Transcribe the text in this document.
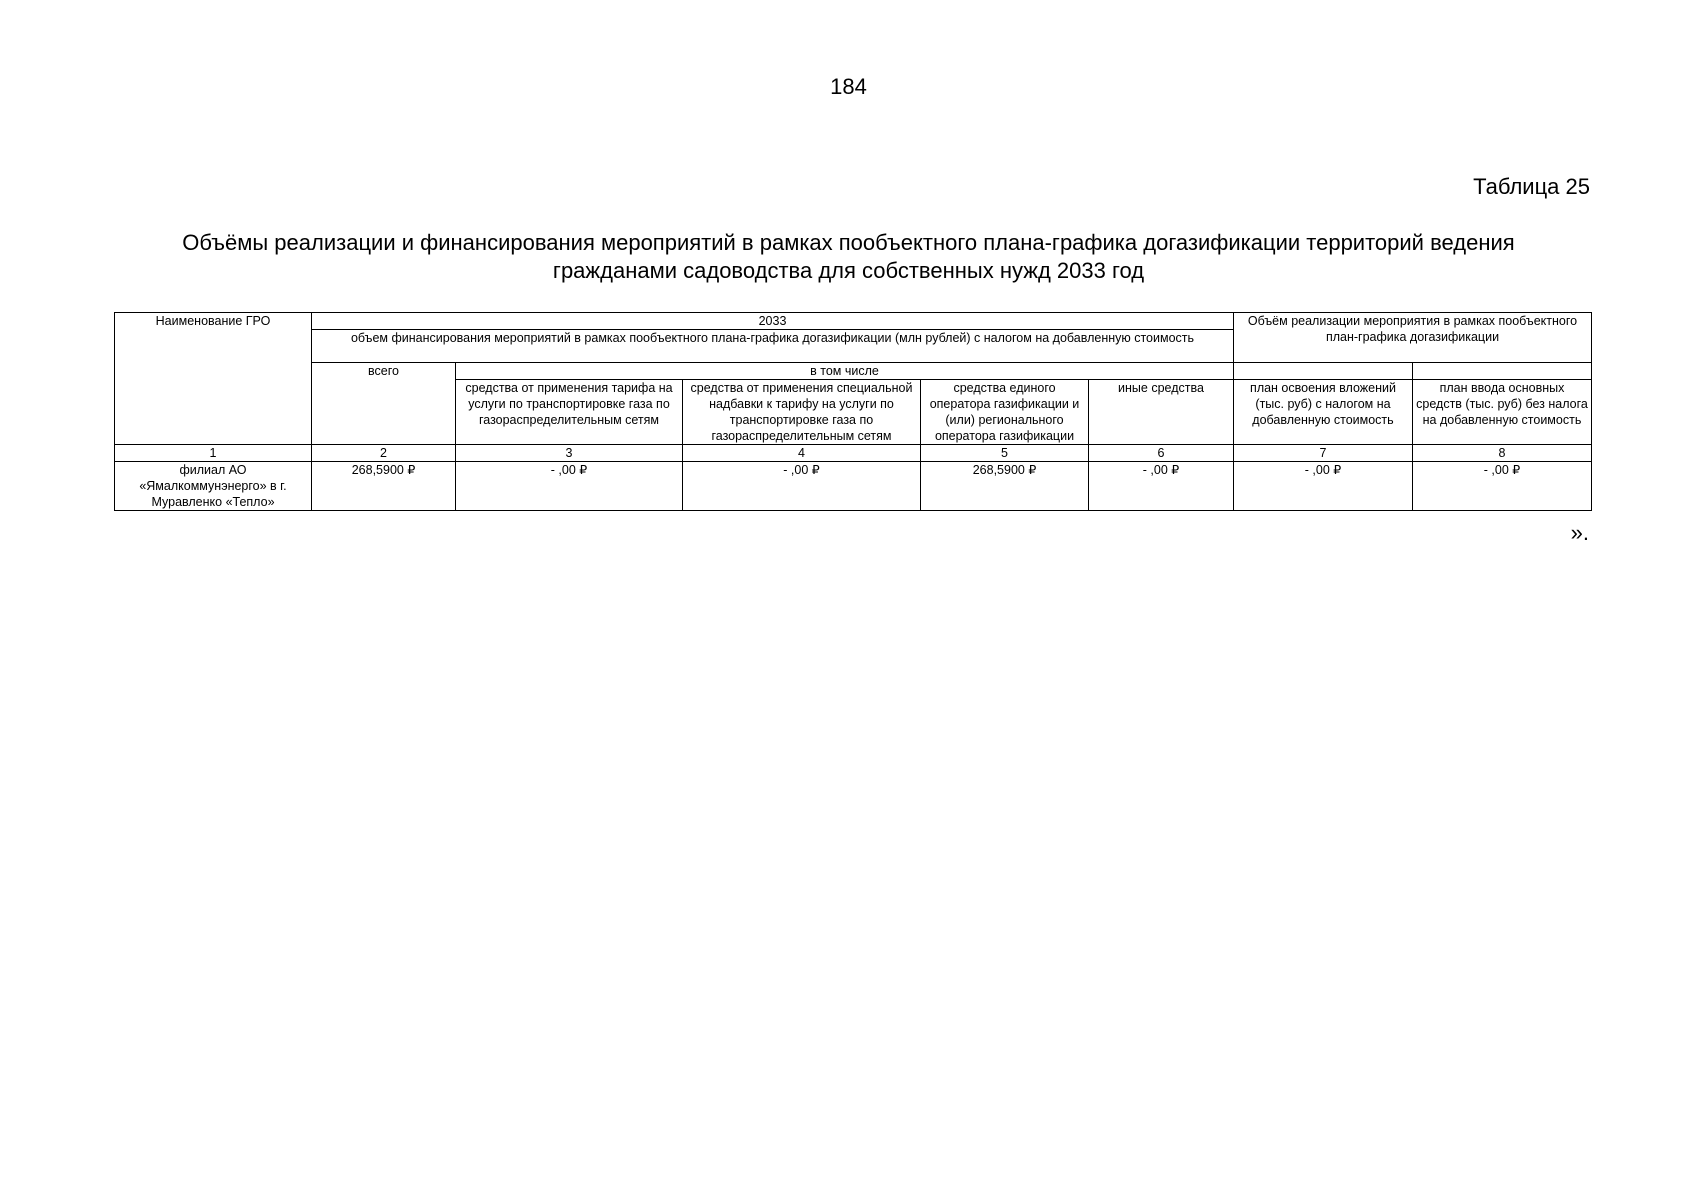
184
Таблица 25
Объёмы реализации и финансирования мероприятий в рамках пообъектного плана-графика догазификации территорий ведения гражданами садоводства для собственных нужд 2033 год
Наименование ГРО	2033					Объём реализации мероприятия в рамках пообъектного план-графика догазификации	
	объем финансирования мероприятий в рамках пообъектного плана-графика догазификации (млн рублей) с налогом на добавленную стоимость						
	всего	в том числе					
		средства от применения тарифа на услуги по транспортировке газа по газораспределительным сетям	средства от применения специальной надбавки к тарифу на услуги по транспортировке газа по газораспределительным сетям	средства единого оператора газификации и (или) регионального оператора газификации	иные средства	план освоения вложений (тыс. руб) с налогом на добавленную стоимость	план ввода основных средств (тыс. руб) без налога на добавленную стоимость
1	2	3	4	5	6	7	8
филиал АО «Ямалкоммунэнерго» в г. Муравленко «Тепло»	268,5900 ₽	- ,00 ₽	- ,00 ₽	268,5900 ₽	- ,00 ₽	- ,00 ₽	- ,00 ₽
».
